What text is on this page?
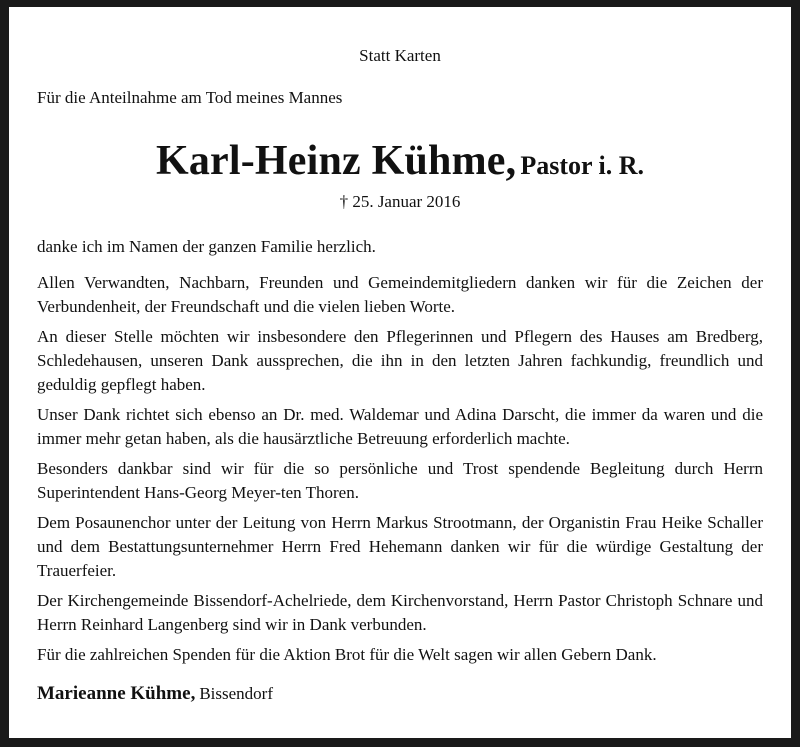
Statt Karten
Für die Anteilnahme am Tod meines Mannes
Karl-Heinz Kühme, Pastor i. R.
† 25. Januar 2016
danke ich im Namen der ganzen Familie herzlich.

Allen Verwandten, Nachbarn, Freunden und Gemeindemitgliedern danken wir für die Zeichen der Verbundenheit, der Freundschaft und die vielen lieben Worte.

An dieser Stelle möchten wir insbesondere den Pflegerinnen und Pflegern des Hauses am Bredberg, Schledehausen, unseren Dank aussprechen, die ihn in den letzten Jahren fachkundig, freundlich und geduldig gepflegt haben.

Unser Dank richtet sich ebenso an Dr. med. Waldemar und Adina Darscht, die immer da waren und die immer mehr getan haben, als die hausärztliche Betreuung erforderlich machte.

Besonders dankbar sind wir für die so persönliche und Trost spendende Begleitung durch Herrn Superintendent Hans-Georg Meyer-ten Thoren.

Dem Posaunenchor unter der Leitung von Herrn Markus Strootmann, der Organistin Frau Heike Schaller und dem Bestattungsunternehmer Herrn Fred Hehemann danken wir für die würdige Gestaltung der Trauerfeier.

Der Kirchengemeinde Bissendorf-Achelriede, dem Kirchenvorstand, Herrn Pastor Christoph Schnare und Herrn Reinhard Langenberg sind wir in Dank verbunden.

Für die zahlreichen Spenden für die Aktion Brot für die Welt sagen wir allen Gebern Dank.

Marieanne Kühme, Bissendorf
